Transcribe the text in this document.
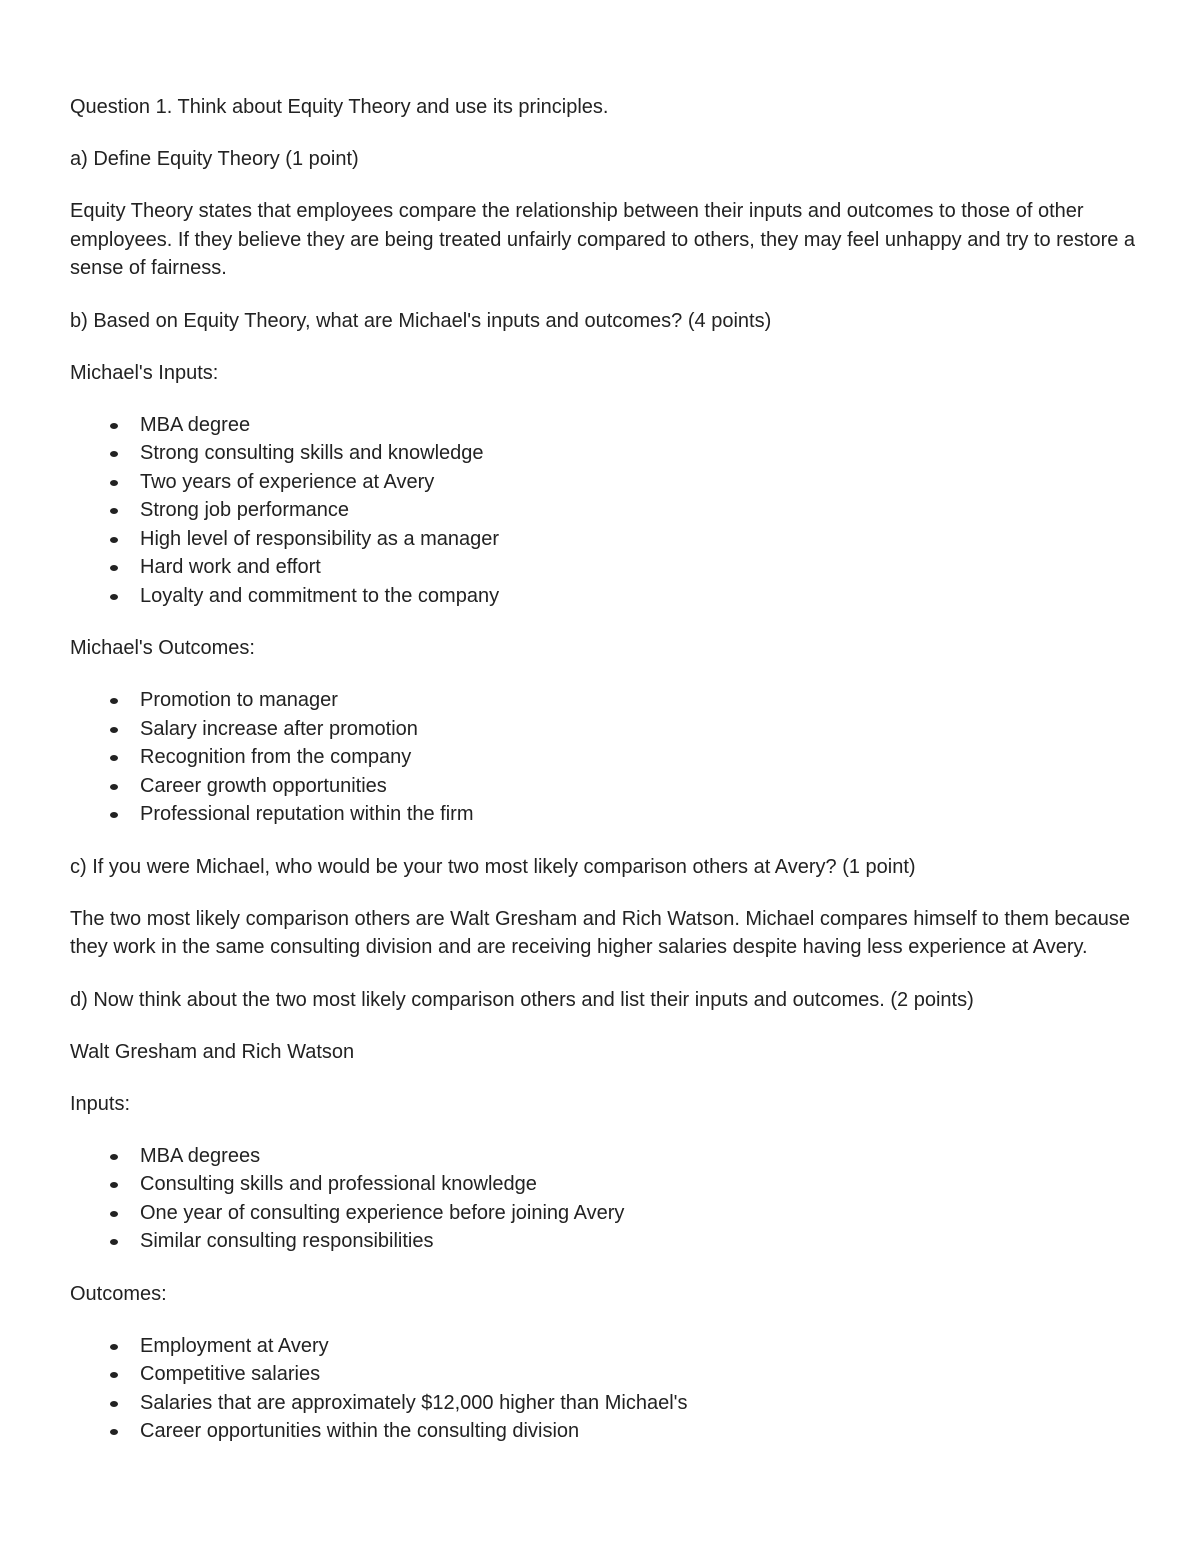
Question 1. Think about Equity Theory and use its principles.

a) Define Equity Theory (1 point)

Equity Theory states that employees compare the relationship between their inputs and outcomes to those of other employees. If they believe they are being treated unfairly compared to others, they may feel unhappy and try to restore a sense of fairness.

b) Based on Equity Theory, what are Michael's inputs and outcomes? (4 points)

Michael's Inputs:

MBA degree
Strong consulting skills and knowledge
Two years of experience at Avery
Strong job performance
High level of responsibility as a manager
Hard work and effort
Loyalty and commitment to the company

Michael's Outcomes:

Promotion to manager
Salary increase after promotion
Recognition from the company
Career growth opportunities
Professional reputation within the firm

c) If you were Michael, who would be your two most likely comparison others at Avery? (1 point)

The two most likely comparison others are Walt Gresham and Rich Watson. Michael compares himself to them because they work in the same consulting division and are receiving higher salaries despite having less experience at Avery.

d) Now think about the two most likely comparison others and list their inputs and outcomes. (2 points)

Walt Gresham and Rich Watson

Inputs:

MBA degrees
Consulting skills and professional knowledge
One year of consulting experience before joining Avery
Similar consulting responsibilities

Outcomes:

Employment at Avery
Competitive salaries
Salaries that are approximately $12,000 higher than Michael's
Career opportunities within the consulting division
